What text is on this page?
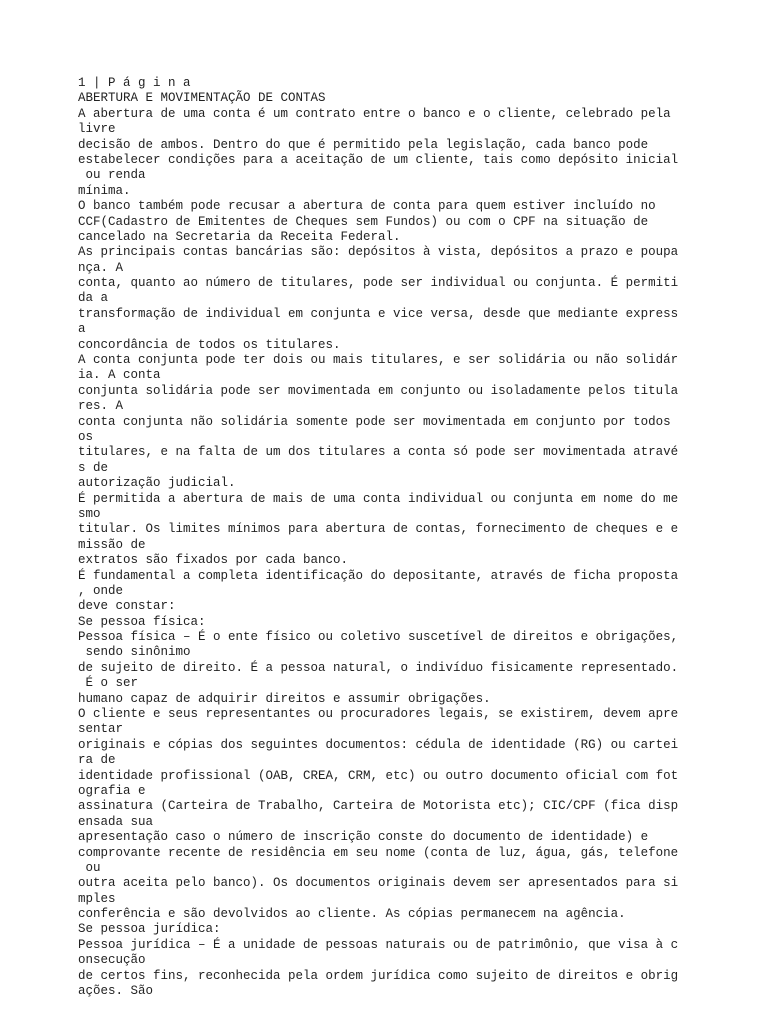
1 | P á g i n a
ABERTURA E MOVIMENTAÇÃO DE CONTAS
A abertura de uma conta é um contrato entre o banco e o cliente, celebrado pela
livre
decisão de ambos. Dentro do que é permitido pela legislação, cada banco pode
estabelecer condições para a aceitação de um cliente, tais como depósito inicial
ou renda
mínima.
O banco também pode recusar a abertura de conta para quem estiver incluído no
CCF(Cadastro de Emitentes de Cheques sem Fundos) ou com o CPF na situação de
cancelado na Secretaria da Receita Federal.
As principais contas bancárias são: depósitos à vista, depósitos a prazo e poupa
nça. A
conta, quanto ao número de titulares, pode ser individual ou conjunta. É permiti
da a
transformação de individual em conjunta e vice versa, desde que mediante express
a
concordância de todos os titulares.
A conta conjunta pode ter dois ou mais titulares, e ser solidária ou não solidár
ia. A conta
conjunta solidária pode ser movimentada em conjunto ou isoladamente pelos titula
res. A
conta conjunta não solidária somente pode ser movimentada em conjunto por todos
os
titulares, e na falta de um dos titulares a conta só pode ser movimentada atravé
s de
autorização judicial.
É permitida a abertura de mais de uma conta individual ou conjunta em nome do me
smo
titular. Os limites mínimos para abertura de contas, fornecimento de cheques e e
missão de
extratos são fixados por cada banco.
É fundamental a completa identificação do depositante, através de ficha proposta
, onde
deve constar:
Se pessoa física:
Pessoa física – É o ente físico ou coletivo suscetível de direitos e obrigações,
sendo sinônimo
de sujeito de direito. É a pessoa natural, o indivíduo fisicamente representado.
É o ser
humano capaz de adquirir direitos e assumir obrigações.
O cliente e seus representantes ou procuradores legais, se existirem, devem apre
sentar
originais e cópias dos seguintes documentos: cédula de identidade (RG) ou cartei
ra de
identidade profissional (OAB, CREA, CRM, etc) ou outro documento oficial com fot
ografia e
assinatura (Carteira de Trabalho, Carteira de Motorista etc); CIC/CPF (fica disp
ensada sua
apresentação caso o número de inscrição conste do documento de identidade) e
comprovante recente de residência em seu nome (conta de luz, água, gás, telefone
ou
outra aceita pelo banco). Os documentos originais devem ser apresentados para si
mples
conferência e são devolvidos ao cliente. As cópias permanecem na agência.
Se pessoa jurídica:
Pessoa jurídica – É a unidade de pessoas naturais ou de patrimônio, que visa à c
onsecução
de certos fins, reconhecida pela ordem jurídica como sujeito de direitos e obrig
ações. São
